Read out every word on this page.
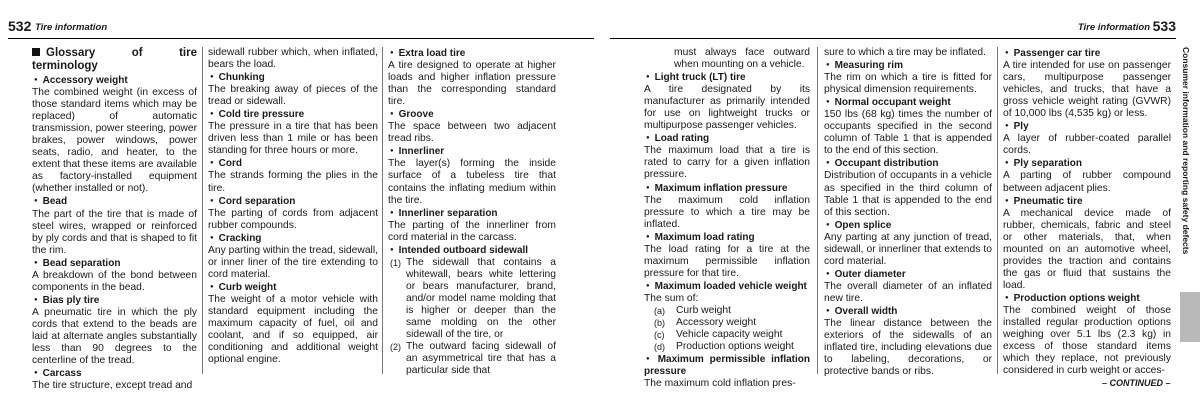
532 Tire information	Tire information 533

Glossary of tire terminology

● Accessory weight

The combined weight (in excess of those standard items which may be replaced) of automatic transmission, power steering, power brakes, power windows, power seats, radio, and heater, to the extent that these items are available as factory-installed equipment (whether installed or not).

● Bead

The part of the tire that is made of steel wires, wrapped or reinforced by ply cords and that is shaped to fit the rim.

● Bead separation

A breakdown of the bond between components in the bead.

● Bias ply tire

A pneumatic tire in which the ply cords that extend to the beads are laid at alternate angles substantially less than 90 degrees to the centerline of the tread.

● Carcass

The tire structure, except tread and

sidewall rubber which, when inflated, bears the load.

● Chunking

The breaking away of pieces of the tread or sidewall.

● Cold tire pressure

The pressure in a tire that has been driven less than 1 mile or has been standing for three hours or more.

● Cord

The strands forming the plies in the tire.

● Cord separation

The parting of cords from adjacent rubber compounds.

● Cracking

Any parting within the tread, sidewall, or inner liner of the tire extending to cord material.

● Curb weight

The weight of a motor vehicle with standard equipment including the maximum capacity of fuel, oil and coolant, and if so equipped, air conditioning and additional weight optional engine.

● Extra load tire

A tire designed to operate at higher loads and higher inflation pressure than the corresponding standard tire.

● Groove

The space between two adjacent tread ribs.

● Innerliner

The layer(s) forming the inside surface of a tubeless tire that contains the inflating medium within the tire.

● Innerliner separation

The parting of the innerliner from cord material in the carcass.

● Intended outboard sidewall

(1) The sidewall that contains a whitewall, bears white lettering or bears manufacturer, brand, and/or model name molding that is higher or deeper than the same molding on the other sidewall of the tire, or
(2) The outward facing sidewall of an asymmetrical tire that has a particular side that

must always face outward when mounting on a vehicle.

● Light truck (LT) tire

A tire designated by its manufacturer as primarily intended for use on lightweight trucks or multipurpose passenger vehicles.

● Load rating

The maximum load that a tire is rated to carry for a given inflation pressure.

● Maximum inflation pressure

The maximum cold inflation pressure to which a tire may be inflated.

● Maximum load rating

The load rating for a tire at the maximum permissible inflation pressure for that tire.

● Maximum loaded vehicle weight

The sum of:

(a)	Curb weight
(b)	Accessory weight
(c)	Vehicle capacity weight
(d)	Production options weight

● Maximum permissible inflation pressure

The maximum cold inflation pres-

sure to which a tire may be inflated.

● Measuring rim

The rim on which a tire is fitted for physical dimension requirements.

● Normal occupant weight

150 lbs (68 kg) times the number of occupants specified in the second column of Table 1 that is appended to the end of this section.

● Occupant distribution

Distribution of occupants in a vehicle as specified in the third column of Table 1 that is appended to the end of this section.

● Open splice

Any parting at any junction of tread, sidewall, or innerliner that extends to cord material.

● Outer diameter

The overall diameter of an inflated new tire.

● Overall width

The linear distance between the exteriors of the sidewalls of an inflated tire, including elevations due to labeling, decorations, or protective bands or ribs.

● Passenger car tire

A tire intended for use on passenger cars, multipurpose passenger vehicles, and trucks, that have a gross vehicle weight rating (GVWR) of 10,000 lbs (4,535 kg) or less.

● Ply

A layer of rubber-coated parallel cords.

● Ply separation

A parting of rubber compound between adjacent plies.

● Pneumatic tire

A mechanical device made of rubber, chemicals, fabric and steel or other materials, that, when mounted on an automotive wheel, provides the traction and contains the gas or fluid that sustains the load.

● Production options weight

The combined weight of those installed regular production options weighing over 5.1 lbs (2.3 kg) in excess of those standard items which they replace, not previously considered in curb weight or acces-

Consumer information and reporting safety defects
– CONTINUED –
